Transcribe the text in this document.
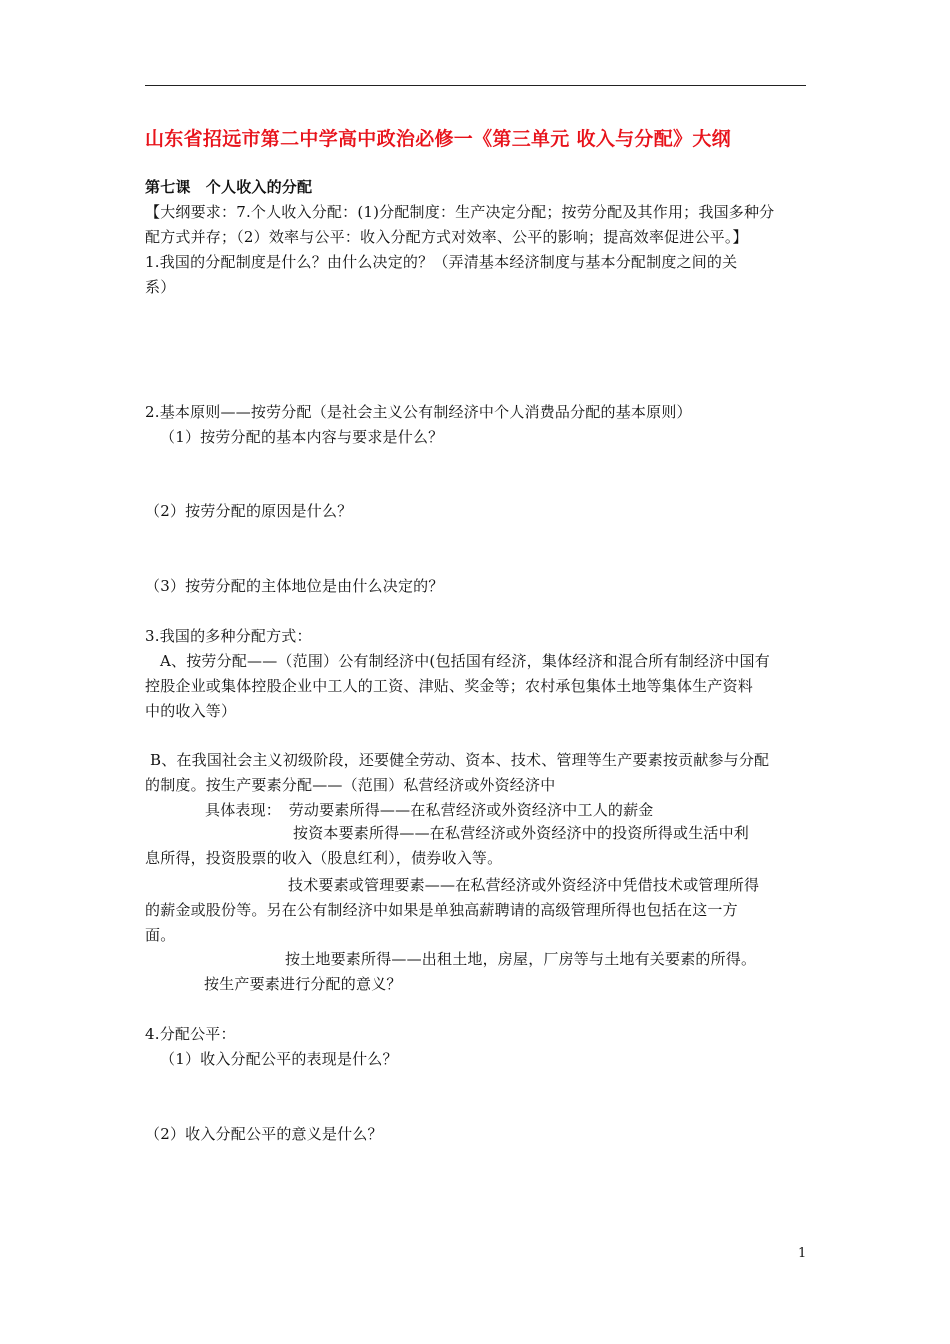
山东省招远市第二中学高中政治必修一《第三单元 收入与分配》大纲
第七课　个人收入的分配
【大纲要求：7.个人收入分配：(1)分配制度：生产决定分配；按劳分配及其作用；我国多种分
配方式并存；（2）效率与公平：收入分配方式对效率、公平的影响；提高效率促进公平。】
1.我国的分配制度是什么？由什么决定的？（弄清基本经济制度与基本分配制度之间的关
系）
2.基本原则——按劳分配（是社会主义公有制经济中个人消费品分配的基本原则）
（1）按劳分配的基本内容与要求是什么？
（2）按劳分配的原因是什么？
（3）按劳分配的主体地位是由什么决定的？
3.我国的多种分配方式：
A、按劳分配——（范围）公有制经济中(包括国有经济，集体经济和混合所有制经济中国有
控股企业或集体控股企业中工人的工资、津贴、奖金等；农村承包集体土地等集体生产资料
中的收入等）
B、在我国社会主义初级阶段，还要健全劳动、资本、技术、管理等生产要素按贡献参与分配
的制度。按生产要素分配——（范围）私营经济或外资经济中
具体表现：　劳动要素所得——在私营经济或外资经济中工人的薪金
按资本要素所得——在私营经济或外资经济中的投资所得或生活中利
息所得，投资股票的收入（股息红利），债券收入等。
技术要素或管理要素——在私营经济或外资经济中凭借技术或管理所得
的薪金或股份等。另在公有制经济中如果是单独高薪聘请的高级管理所得也包括在这一方
面。
按土地要素所得——出租土地，房屋，厂房等与土地有关要素的所得。
按生产要素进行分配的意义？
4.分配公平：
（1）收入分配公平的表现是什么？
（2）收入分配公平的意义是什么？
1
